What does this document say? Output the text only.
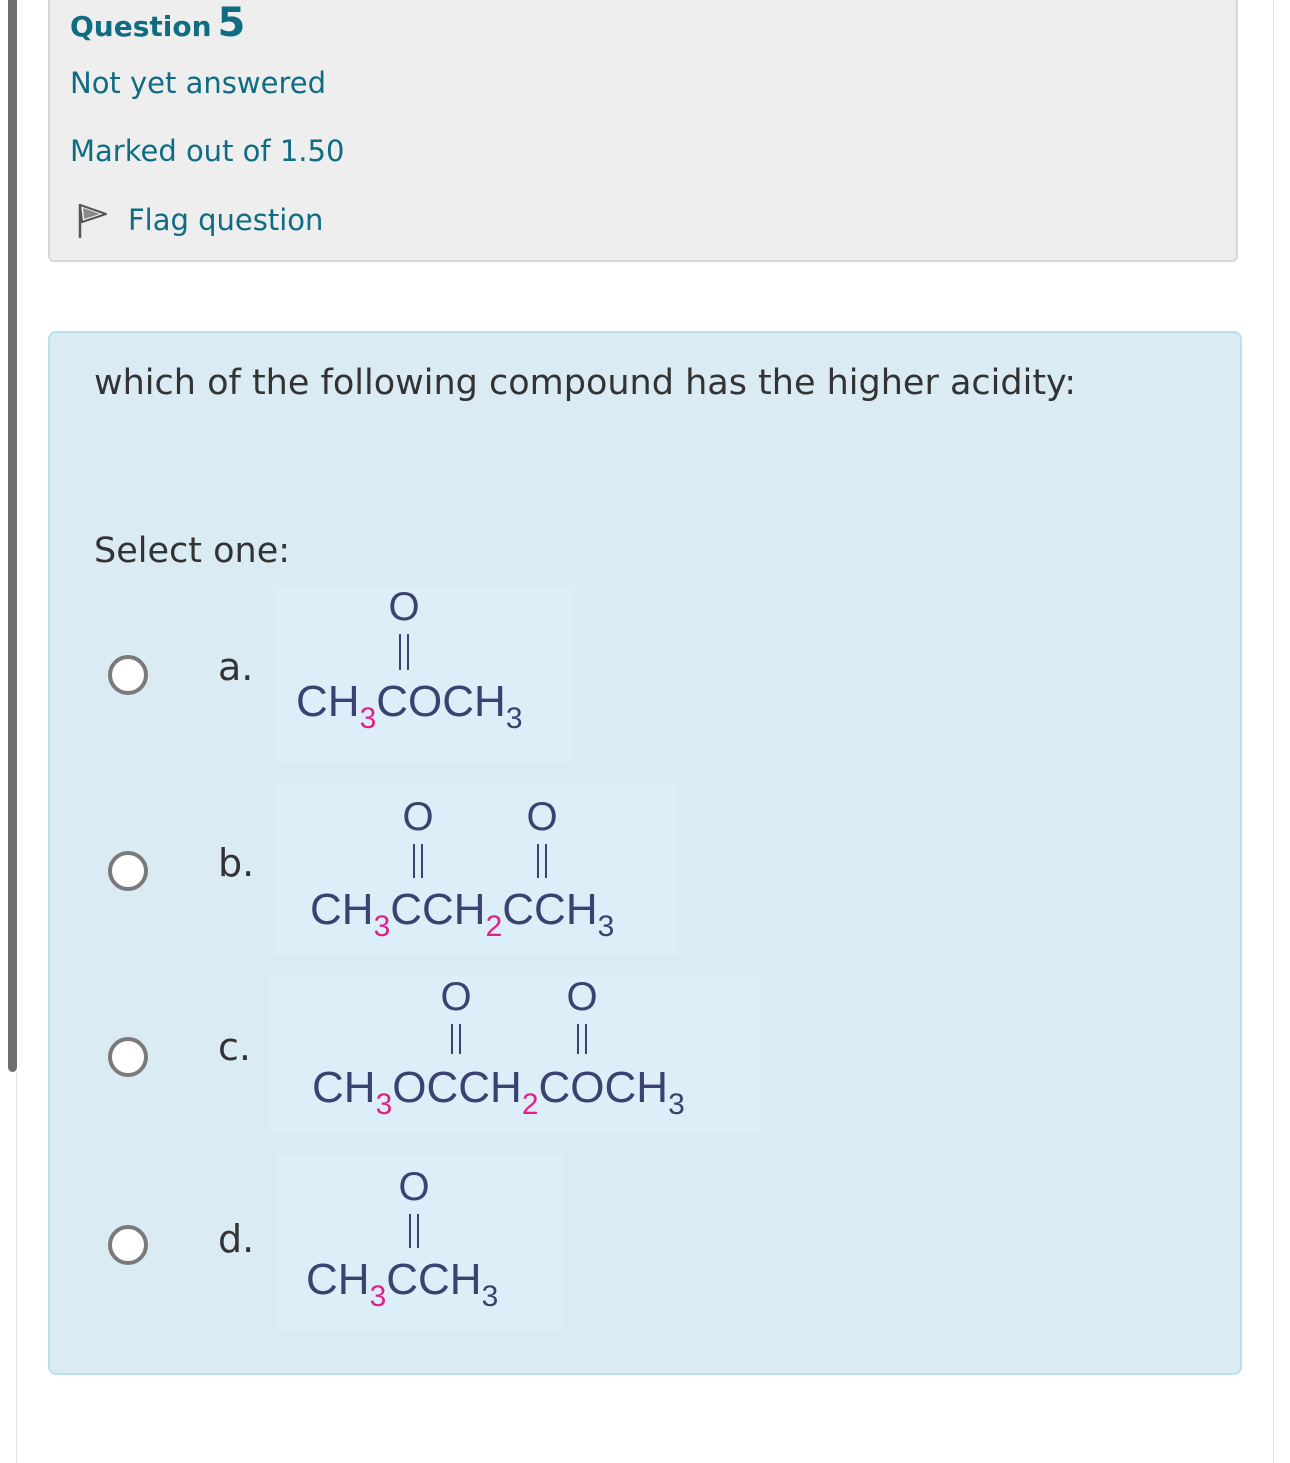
Question 5
Not yet answered
Marked out of 1.50
Flag question
which of the following compound has the higher acidity:
Select one:
a.
O
$CH_3COCH_3$
b.
O O
$CH_3CCH_2CCH_3$
c.
O O
$CH_3OCCH_2COCH_3$
d.
O
$CH_3CCH_3$
